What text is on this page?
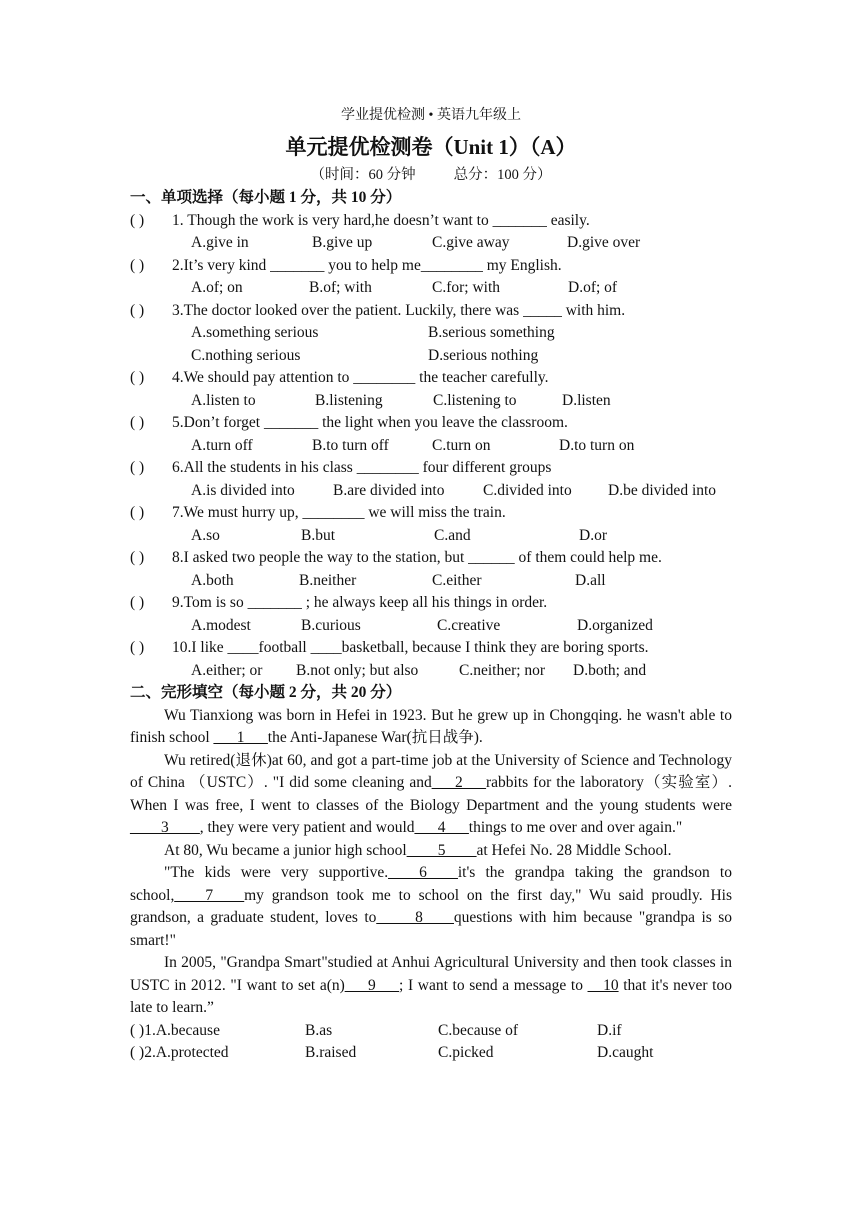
学业提优检测 • 英语九年级上
单元提优检测卷（Unit 1）（A）
（时间：60 分钟	总分：100 分）
一、单项选择（每小题 1 分，共 10 分）
( ) 1. Though the work is very hard,he doesn’t want to _______ easily.
A.give in	B.give up	C.give away	D.give over
( ) 2.It’s very kind _______ you to help me________ my English.
A.of; on	B.of; with	C.for; with	D.of; of
( ) 3.The doctor looked over the patient. Luckily, there was _____ with him.
A.something serious	B.serious something
C.nothing serious	D.serious nothing
( ) 4.We should pay attention to ________ the teacher carefully.
A.listen to	B.listening	C.listening to	D.listen
( ) 5.Don’t forget _______ the light when you leave the classroom.
A.turn off	B.to turn off	C.turn on	D.to turn on
( ) 6.All the students in his class ________ four different groups
A.is divided into B.are divided into C.divided into D.be divided into
( ) 7.We must hurry up, ________ we will miss the train.
A.so	B.but	C.and	D.or
( ) 8.I asked two people the way to the station, but ______ of them could help me.
A.both	B.neither	C.either	D.all
( ) 9.Tom is so _______ ; he always keep all his things in order.
A.modest	B.curious	C.creative	D.organized
( ) 10.I like ____football ____basketball, because I think they are boring sports.
A.either; or B.not only; but also	C.neither; nor D.both; and
二、完形填空（每小题 2 分，共 20 分）
Wu Tianxiong was born in Hefei in 1923. But he grew up in Chongqing. he wasn't able to finish school ___1___the Anti-Japanese War(抗日战争).
Wu retired(退休)at 60, and got a part-time job at the University of Science and Technology of China （USTC）. "I did some cleaning and___2___rabbits for the laboratory（实验室）. When I was free, I went to classes of the Biology Department and the young students were ____3____, they were very patient and would___4___things to me over and over again."
At 80, Wu became a junior high school____5____at Hefei No. 28 Middle School.
"The kids were very supportive.____6____it's the grandpa taking the grandson to school,____7____my grandson took me to school on the first day," Wu said proudly. His grandson, a graduate student, loves to_____8____questions with him because "grandpa is so smart!"
In 2005, "Grandpa Smart"studied at Anhui Agricultural University and then took classes in USTC in 2012. "I want to set a(n)___9___; I want to send a message to __10 that it's never too late to learn.”
( )1.A.because	B.as	C.because of	D.if
( )2.A.protected	B.raised	C.picked	D.caught
